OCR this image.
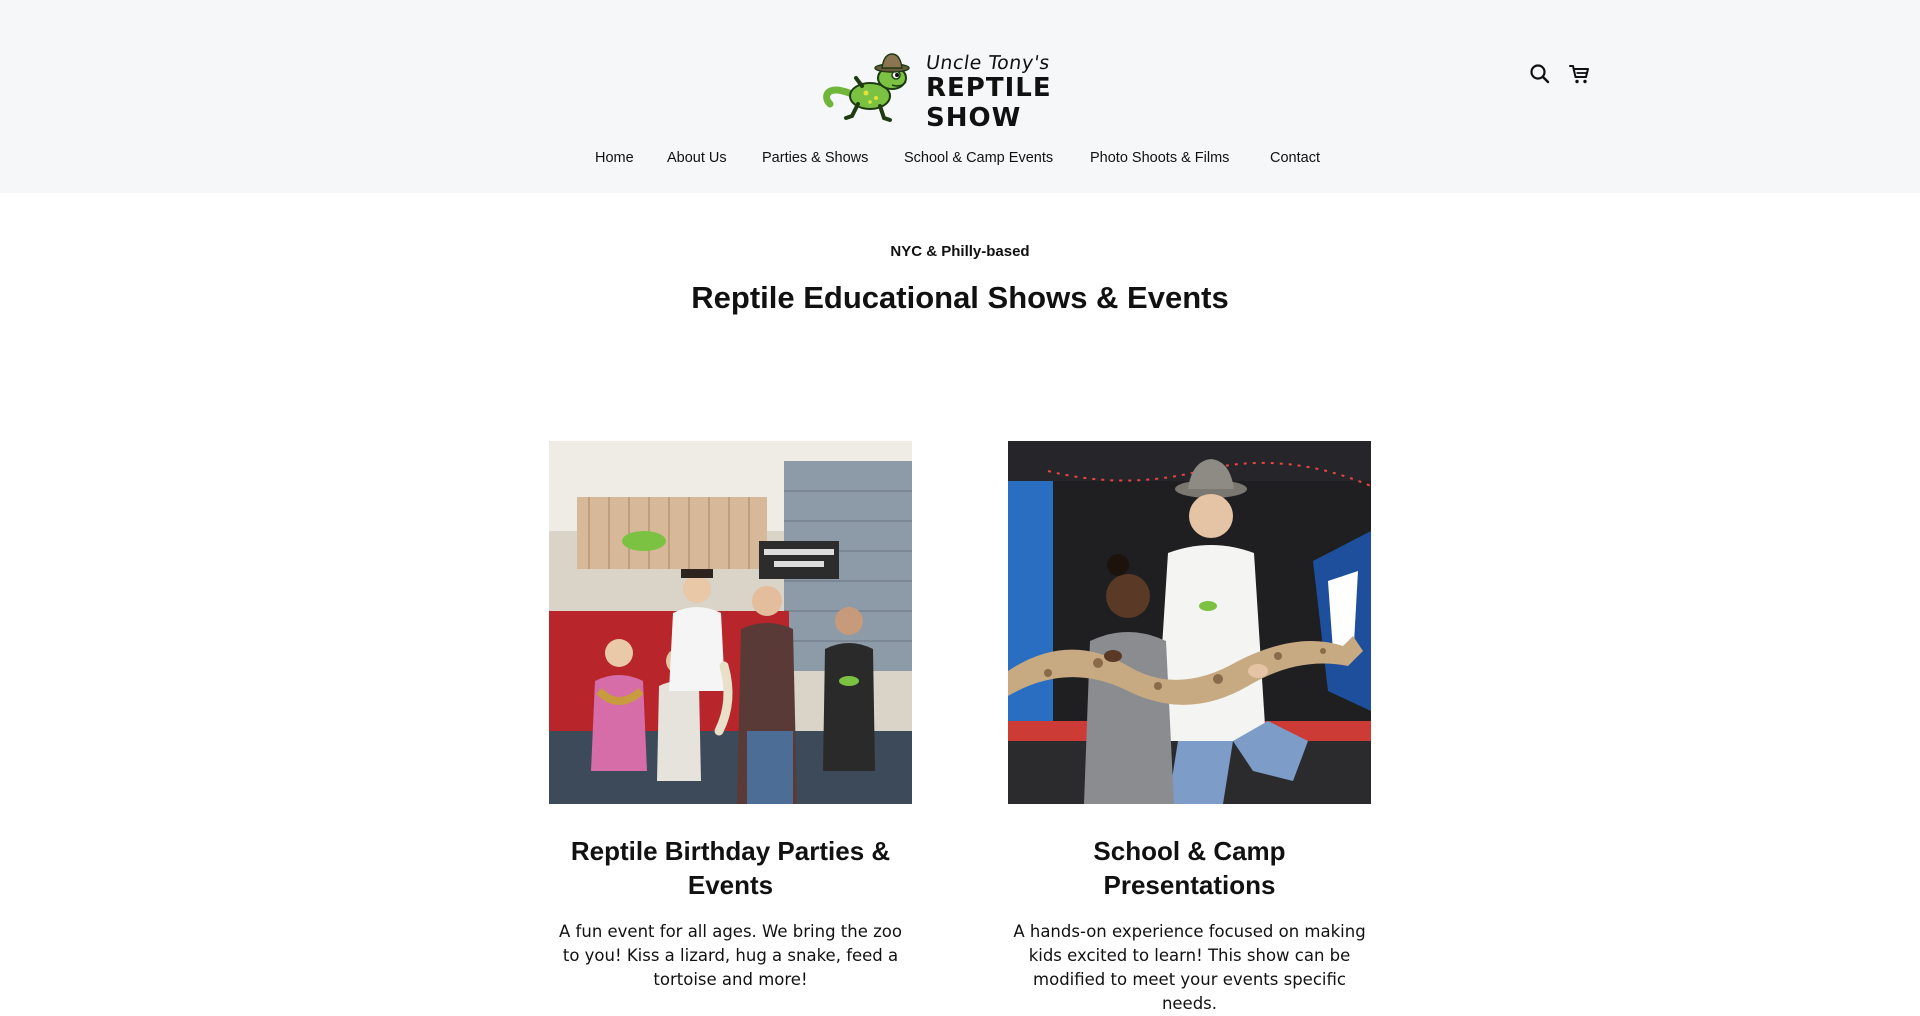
Uncle Tony's
REPTILE SHOW
Home About Us Parties & Shows School & Camp Events	Photo Shoots & Films	Contact
NYC & Philly-based
Reptile Educational Shows & Events
Reptile Birthday Parties & Events

A fun event for all ages. We bring the zoo to you! Kiss a lizard, hug a snake, feed a tortoise and more!

School & Camp Presentations

A hands-on experience focused on making kids excited to learn! This show can be modified to meet your events specific needs.
